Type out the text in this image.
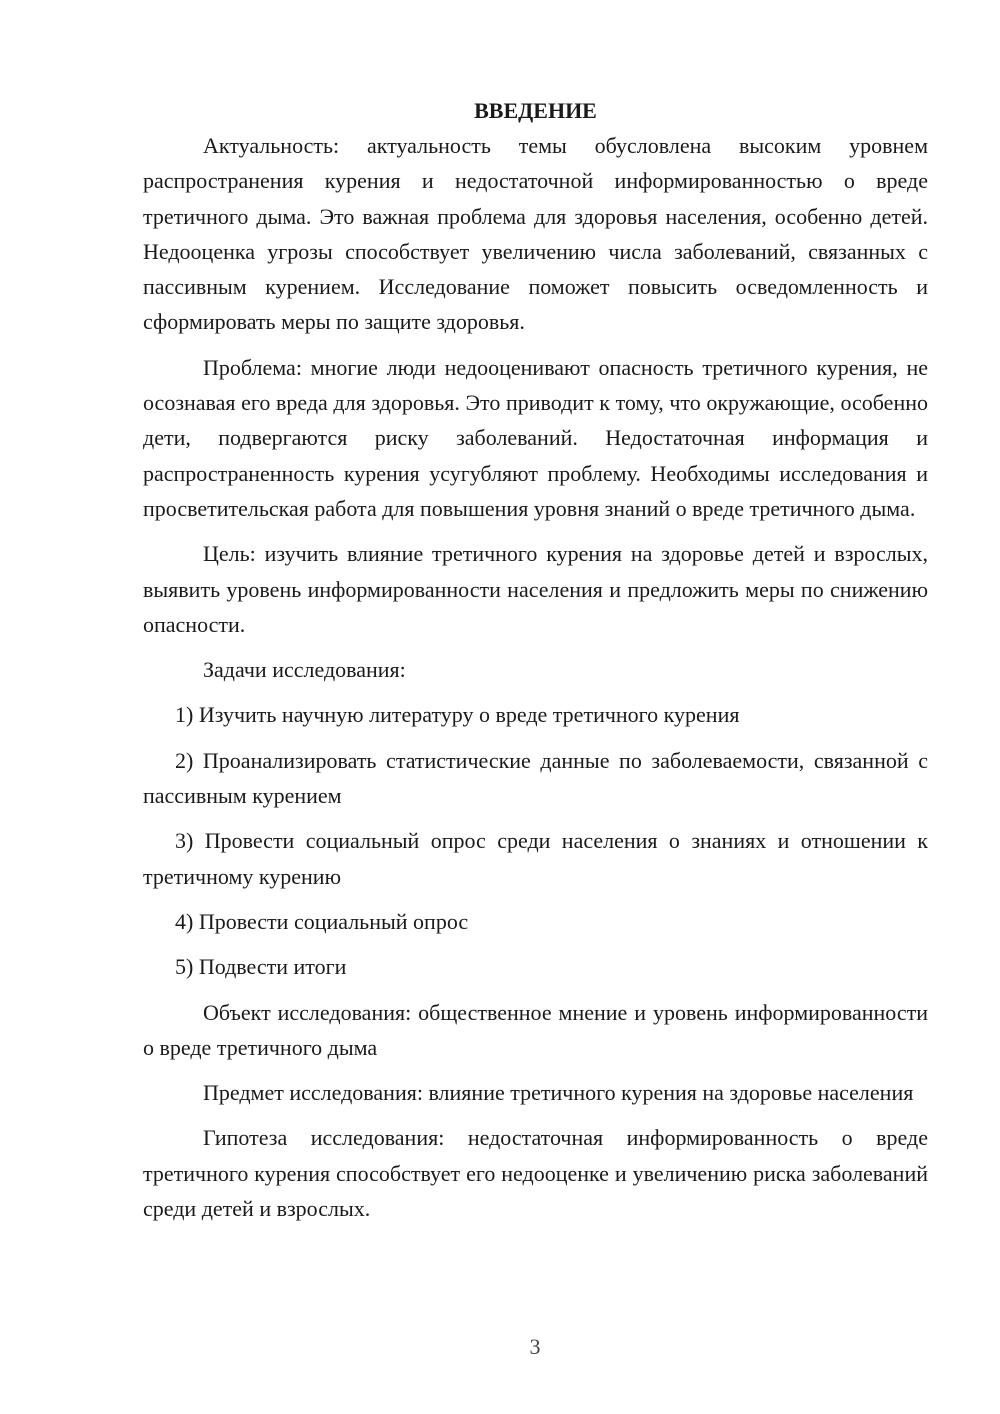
ВВЕДЕНИЕ

Актуальность: актуальность темы обусловлена высоким уровнем распространения курения и недостаточной информированностью о вреде третичного дыма. Это важная проблема для здоровья населения, особенно детей. Недооценка угрозы способствует увеличению числа заболеваний, связанных с пассивным курением. Исследование поможет повысить осведомленность и сформировать меры по защите здоровья.

Проблема: многие люди недооценивают опасность третичного курения, не осознавая его вреда для здоровья. Это приводит к тому, что окружающие, особенно дети, подвергаются риску заболеваний. Недостаточная информация и распространенность курения усугубляют проблему. Необходимы исследования и просветительская работа для повышения уровня знаний о вреде третичного дыма.

Цель: изучить влияние третичного курения на здоровье детей и взрослых, выявить уровень информированности населения и предложить меры по снижению опасности.

Задачи исследования:

1) Изучить научную литературу о вреде третичного курения

2) Проанализировать статистические данные по заболеваемости, связанной с пассивным курением

3) Провести социальный опрос среди населения о знаниях и отношении к третичному курению

4) Провести социальный опрос

5) Подвести итоги

Объект исследования: общественное мнение и уровень информированности о вреде третичного дыма

Предмет исследования: влияние третичного курения на здоровье населения

Гипотеза исследования: недостаточная информированность о вреде третичного курения способствует его недооценке и увеличению риска заболеваний среди детей и взрослых.

3
